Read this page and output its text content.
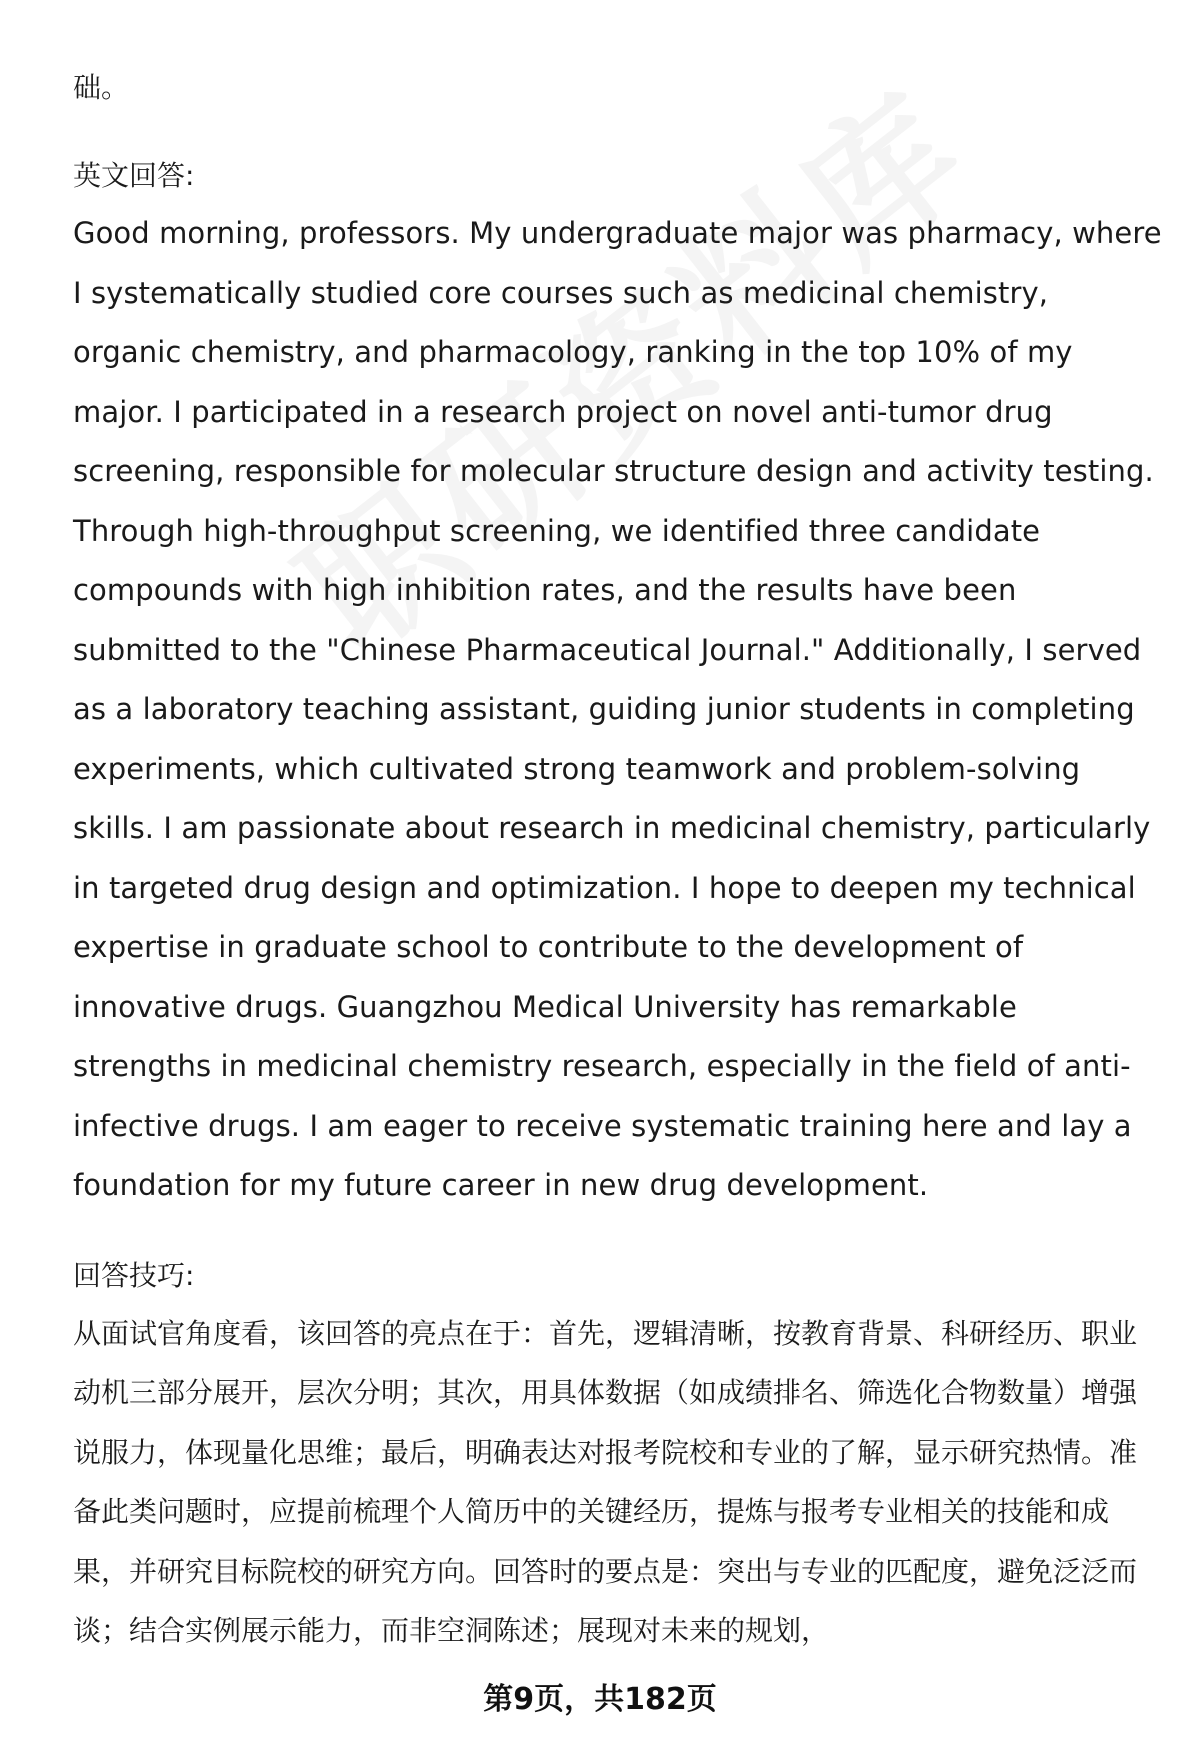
础。

英文回答:

Good morning, professors. My undergraduate major was pharmacy, where I systematically studied core courses such as medicinal chemistry, organic chemistry, and pharmacology, ranking in the top 10% of my major. I participated in a research project on novel anti-tumor drug screening, responsible for molecular structure design and activity testing. Through high-throughput screening, we identified three candidate compounds with high inhibition rates, and the results have been submitted to the "Chinese Pharmaceutical Journal." Additionally, I served as a laboratory teaching assistant, guiding junior students in completing experiments, which cultivated strong teamwork and problem-solving skills. I am passionate about research in medicinal chemistry, particularly in targeted drug design and optimization. I hope to deepen my technical expertise in graduate school to contribute to the development of innovative drugs. Guangzhou Medical University has remarkable strengths in medicinal chemistry research, especially in the field of anti-infective drugs. I am eager to receive systematic training here and lay a foundation for my future career in new drug development.

回答技巧:

从面试官角度看，该回答的亮点在于：首先，逻辑清晰，按教育背景、科研经历、职业动机三部分展开，层次分明；其次，用具体数据（如成绩排名、筛选化合物数量）增强说服力，体现量化思维；最后，明确表达对报考院校和专业的了解，显示研究热情。准备此类问题时，应提前梳理个人简历中的关键经历，提炼与报考专业相关的技能和成果，并研究目标院校的研究方向。回答时的要点是：突出与专业的匹配度，避免泛泛而谈；结合实例展示能力，而非空洞陈述；展现对未来的规划，

第9页，共182页
